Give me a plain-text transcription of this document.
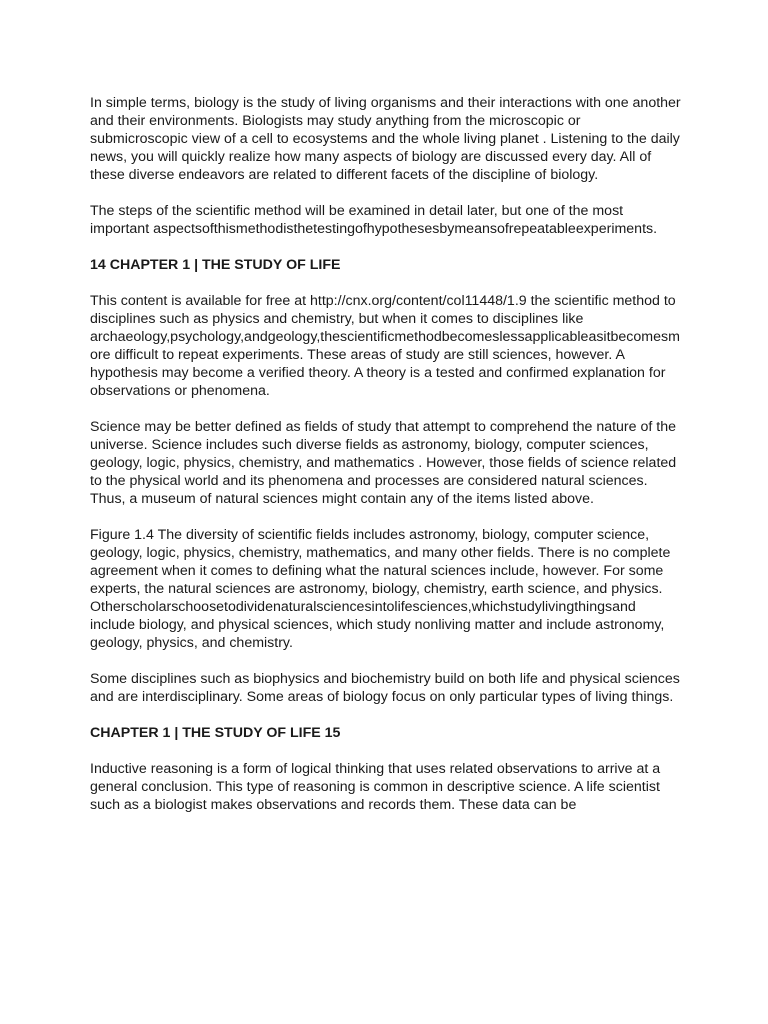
In simple terms, biology is the study of living organisms and their interactions with one another and their environments. Biologists may study anything from the microscopic or submicroscopic view of a cell to ecosystems and the whole living planet . Listening to the daily news, you will quickly realize how many aspects of biology are discussed every day. All of these diverse endeavors are related to different facets of the discipline of biology.

The steps of the scientific method will be examined in detail later, but one of the most important aspectsofthismethodisthetestingofhypothesesbymeansofrepeatableexperiments.

14 CHAPTER 1 | THE STUDY OF LIFE

This content is available for free at http://cnx.org/content/col11448/1.9 the scientific method to disciplines such as physics and chemistry, but when it comes to disciplines like archaeology,psychology,andgeology,thescientificmethodbecomeslessapplicableasitbecomesmore difficult to repeat experiments. These areas of study are still sciences, however. A hypothesis may become a verified theory. A theory is a tested and confirmed explanation for observations or phenomena.

Science may be better defined as fields of study that attempt to comprehend the nature of the universe. Science includes such diverse fields as astronomy, biology, computer sciences, geology, logic, physics, chemistry, and mathematics . However, those fields of science related to the physical world and its phenomena and processes are considered natural sciences. Thus, a museum of natural sciences might contain any of the items listed above.

Figure 1.4 The diversity of scientific fields includes astronomy, biology, computer science, geology, logic, physics, chemistry, mathematics, and many other fields. There is no complete agreement when it comes to defining what the natural sciences include, however. For some experts, the natural sciences are astronomy, biology, chemistry, earth science, and physics. Otherscholarschoosetodividenaturalsciencesintolifesciences,whichstudylivingthingsand include biology, and physical sciences, which study nonliving matter and include astronomy, geology, physics, and chemistry.

Some disciplines such as biophysics and biochemistry build on both life and physical sciences and are interdisciplinary. Some areas of biology focus on only particular types of living things.

CHAPTER 1 | THE STUDY OF LIFE 15

Inductive reasoning is a form of logical thinking that uses related observations to arrive at a general conclusion. This type of reasoning is common in descriptive science. A life scientist such as a biologist makes observations and records them. These data can be
